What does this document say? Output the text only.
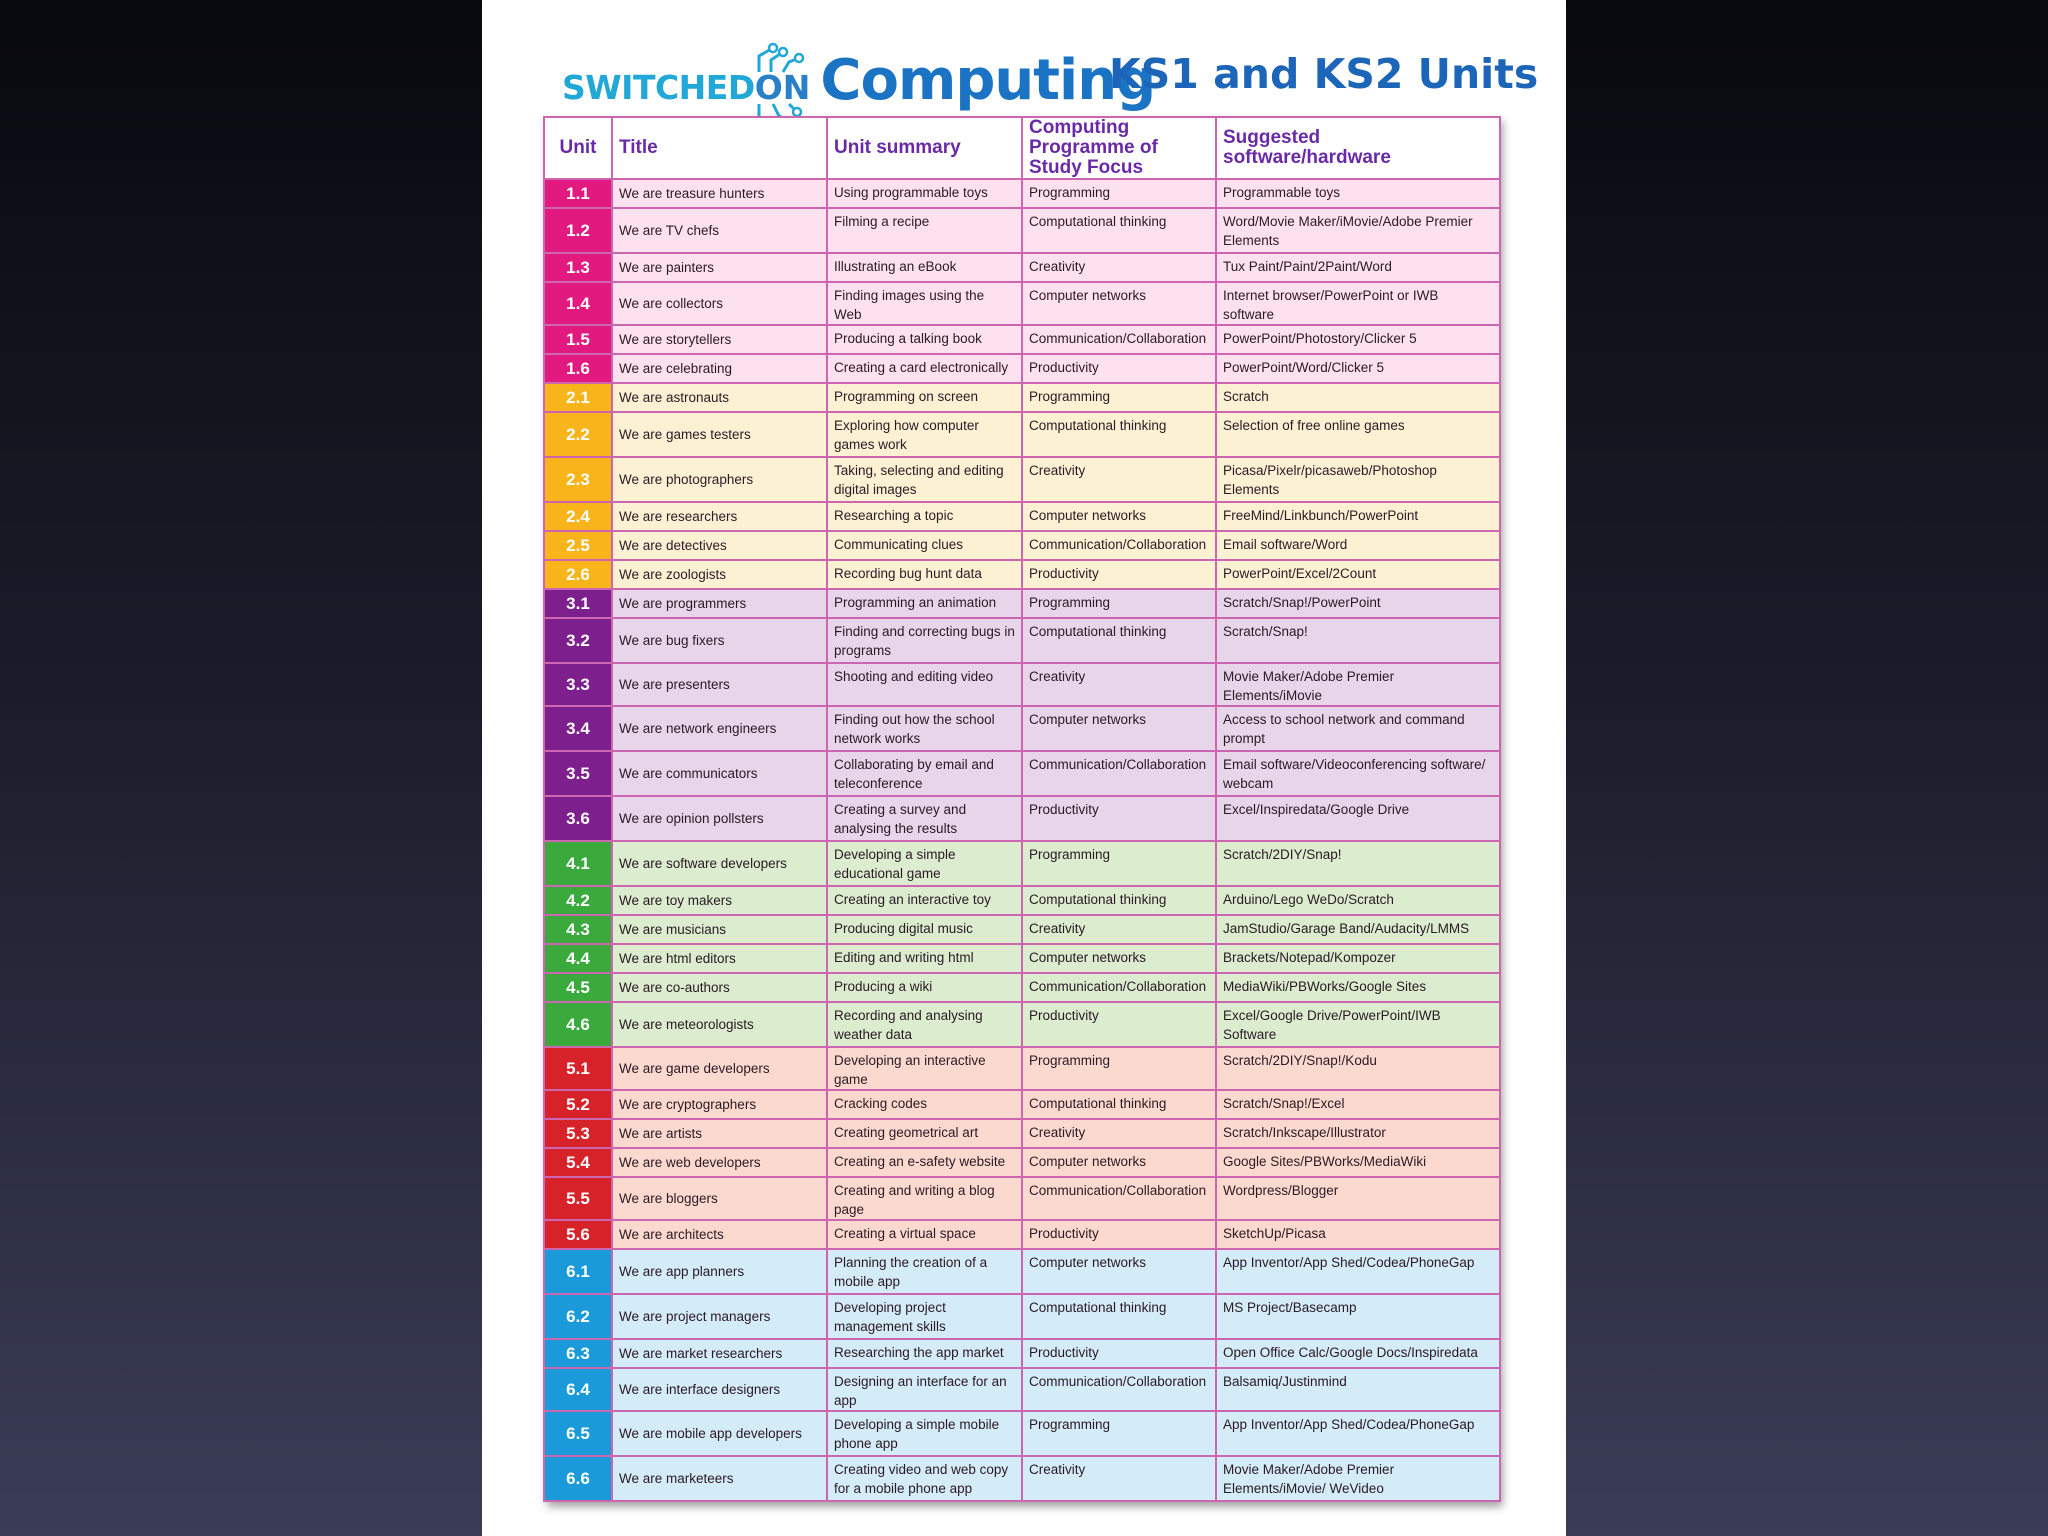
SWITCHED ON Computing
KS1 and KS2 Units
Unit	Title	Unit summary	Computing Programme of Study Focus	Suggested software/hardware
1.1	We are treasure hunters	Using programmable toys	Programming	Programmable toys
1.2	We are TV chefs	Filming a recipe	Computational thinking	Word/Movie Maker/iMovie/Adobe Premier Elements
1.3	We are painters	Illustrating an eBook	Creativity	Tux Paint/Paint/2Paint/Word
1.4	We are collectors	Finding images using the Web	Computer networks	Internet browser/PowerPoint or IWB software
1.5	We are storytellers	Producing a talking book	Communication/Collaboration	PowerPoint/Photostory/Clicker 5
1.6	We are celebrating	Creating a card electronically	Productivity	PowerPoint/Word/Clicker 5
2.1	We are astronauts	Programming on screen	Programming	Scratch
2.2	We are games testers	Exploring how computer games work	Computational thinking	Selection of free online games
2.3	We are photographers	Taking, selecting and editing digital images	Creativity	Picasa/Pixelr/picasaweb/Photoshop Elements
2.4	We are researchers	Researching a topic	Computer networks	FreeMind/Linkbunch/PowerPoint
2.5	We are detectives	Communicating clues	Communication/Collaboration	Email software/Word
2.6	We are zoologists	Recording bug hunt data	Productivity	PowerPoint/Excel/2Count
3.1	We are programmers	Programming an animation	Programming	Scratch/Snap!/PowerPoint
3.2	We are bug fixers	Finding and correcting bugs in programs	Computational thinking	Scratch/Snap!
3.3	We are presenters	Shooting and editing video	Creativity	Movie Maker/Adobe Premier Elements/iMovie
3.4	We are network engineers	Finding out how the school network works	Computer networks	Access to school network and command prompt
3.5	We are communicators	Collaborating by email and teleconference	Communication/Collaboration	Email software/Videoconferencing software/ webcam
3.6	We are opinion pollsters	Creating a survey and analysing the results	Productivity	Excel/Inspiredata/Google Drive
4.1	We are software developers	Developing a simple educational game	Programming	Scratch/2DIY/Snap!
4.2	We are toy makers	Creating an interactive toy	Computational thinking	Arduino/Lego WeDo/Scratch
4.3	We are musicians	Producing digital music	Creativity	JamStudio/Garage Band/Audacity/LMMS
4.4	We are html editors	Editing and writing html	Computer networks	Brackets/Notepad/Kompozer
4.5	We are co-authors	Producing a wiki	Communication/Collaboration	MediaWiki/PBWorks/Google Sites
4.6	We are meteorologists	Recording and analysing weather data	Productivity	Excel/Google Drive/PowerPoint/IWB Software
5.1	We are game developers	Developing an interactive game	Programming	Scratch/2DIY/Snap!/Kodu
5.2	We are cryptographers	Cracking codes	Computational thinking	Scratch/Snap!/Excel
5.3	We are artists	Creating geometrical art	Creativity	Scratch/Inkscape/Illustrator
5.4	We are web developers	Creating an e-safety website	Computer networks	Google Sites/PBWorks/MediaWiki
5.5	We are bloggers	Creating and writing a blog page	Communication/Collaboration	Wordpress/Blogger
5.6	We are architects	Creating a virtual space	Productivity	SketchUp/Picasa
6.1	We are app planners	Planning the creation of a mobile app	Computer networks	App Inventor/App Shed/Codea/PhoneGap
6.2	We are project managers	Developing project management skills	Computational thinking	MS Project/Basecamp
6.3	We are market researchers	Researching the app market	Productivity	Open Office Calc/Google Docs/Inspiredata
6.4	We are interface designers	Designing an interface for an app	Communication/Collaboration	Balsamiq/Justinmind
6.5	We are mobile app developers	Developing a simple mobile phone app	Programming	App Inventor/App Shed/Codea/PhoneGap
6.6	We are marketeers	Creating video and web copy for a mobile phone app	Creativity	Movie Maker/Adobe Premier Elements/iMovie/ WeVideo
